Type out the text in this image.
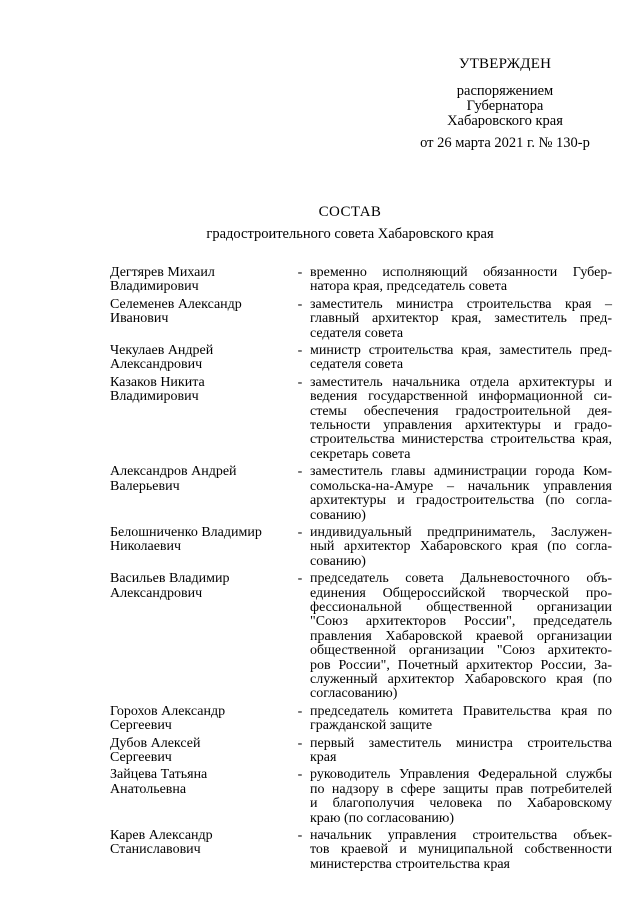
УТВЕРЖДЕН
распоряжением
Губернатора
Хабаровского края
от 26 марта 2021 г. № 130-р
СОСТАВ
градостроительного совета Хабаровского края
Дегтярев Михаил
Владимирович
- временно исполняющий обязанности Губер-
натора края, председатель совета
Селеменев Александр
Иванович
- заместитель министра строительства края –
главный архитектор края, заместитель пред-
седателя совета
Чекулаев Андрей
Александрович
- министр строительства края, заместитель пред-
седателя совета
Казаков Никита
Владимирович
- заместитель начальника отдела архитектуры и
ведения государственной информационной си-
стемы обеспечения градостроительной дея-
тельности управления архитектуры и градо-
строительства министерства строительства края,
секретарь совета
Александров Андрей
Валерьевич
- заместитель главы администрации города Ком-
сомольска-на-Амуре – начальник управления
архитектуры и градостроительства (по согла-
сованию)
Белошниченко Владимир
Николаевич
- индивидуальный предприниматель, Заслужен-
ный архитектор Хабаровского края (по согла-
сованию)
Васильев Владимир
Александрович
- председатель совета Дальневосточного объ-
единения Общероссийской творческой про-
фессиональной общественной организации
"Союз архитекторов России", председатель
правления Хабаровской краевой организации
общественной организации "Союз архитекто-
ров России", Почетный архитектор России, За-
служенный архитектор Хабаровского края (по
согласованию)
Горохов Александр
Сергеевич
- председатель комитета Правительства края по
гражданской защите
Дубов Алексей
Сергеевич
- первый заместитель министра строительства
края
Зайцева Татьяна
Анатольевна
- руководитель Управления Федеральной службы
по надзору в сфере защиты прав потребителей
и благополучия человека по Хабаровскому
краю (по согласованию)
Карев Александр
Станиславович
- начальник управления строительства объек-
тов краевой и муниципальной собственности
министерства строительства края
